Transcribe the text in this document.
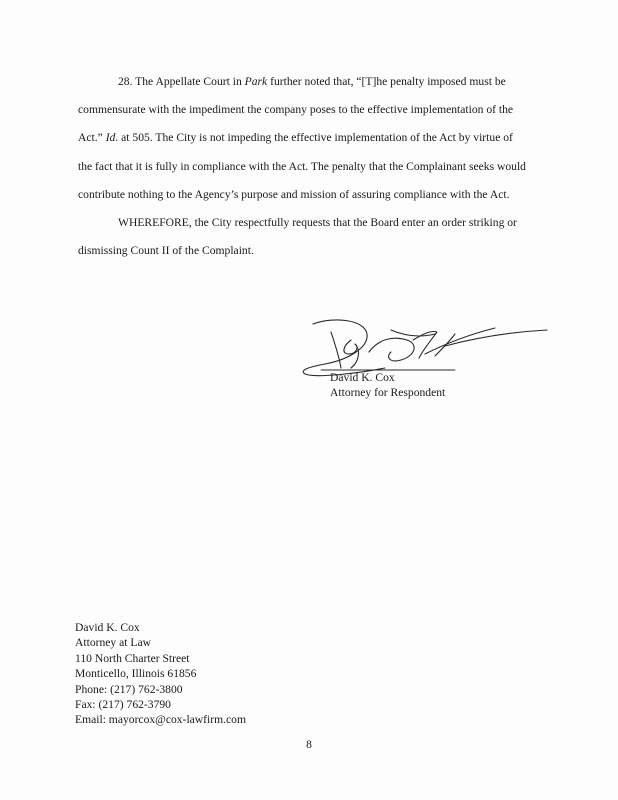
28. The Appellate Court in Park further noted that, “[T]he penalty imposed must be
commensurate with the impediment the company poses to the effective implementation of the
Act.” Id. at 505. The City is not impeding the effective implementation of the Act by virtue of
the fact that it is fully in compliance with the Act. The penalty that the Complainant seeks would
contribute nothing to the Agency’s purpose and mission of assuring compliance with the Act.

WHEREFORE, the City respectfully requests that the Board enter an order striking or
dismissing Count II of the Complaint.

David K. Cox
Attorney for Respondent
David K. Cox
Attorney at Law
110 North Charter Street
Monticello, Illinois 61856
Phone: (217) 762-3800
Fax: (217) 762-3790
Email: mayorcox@cox-lawfirm.com
8
